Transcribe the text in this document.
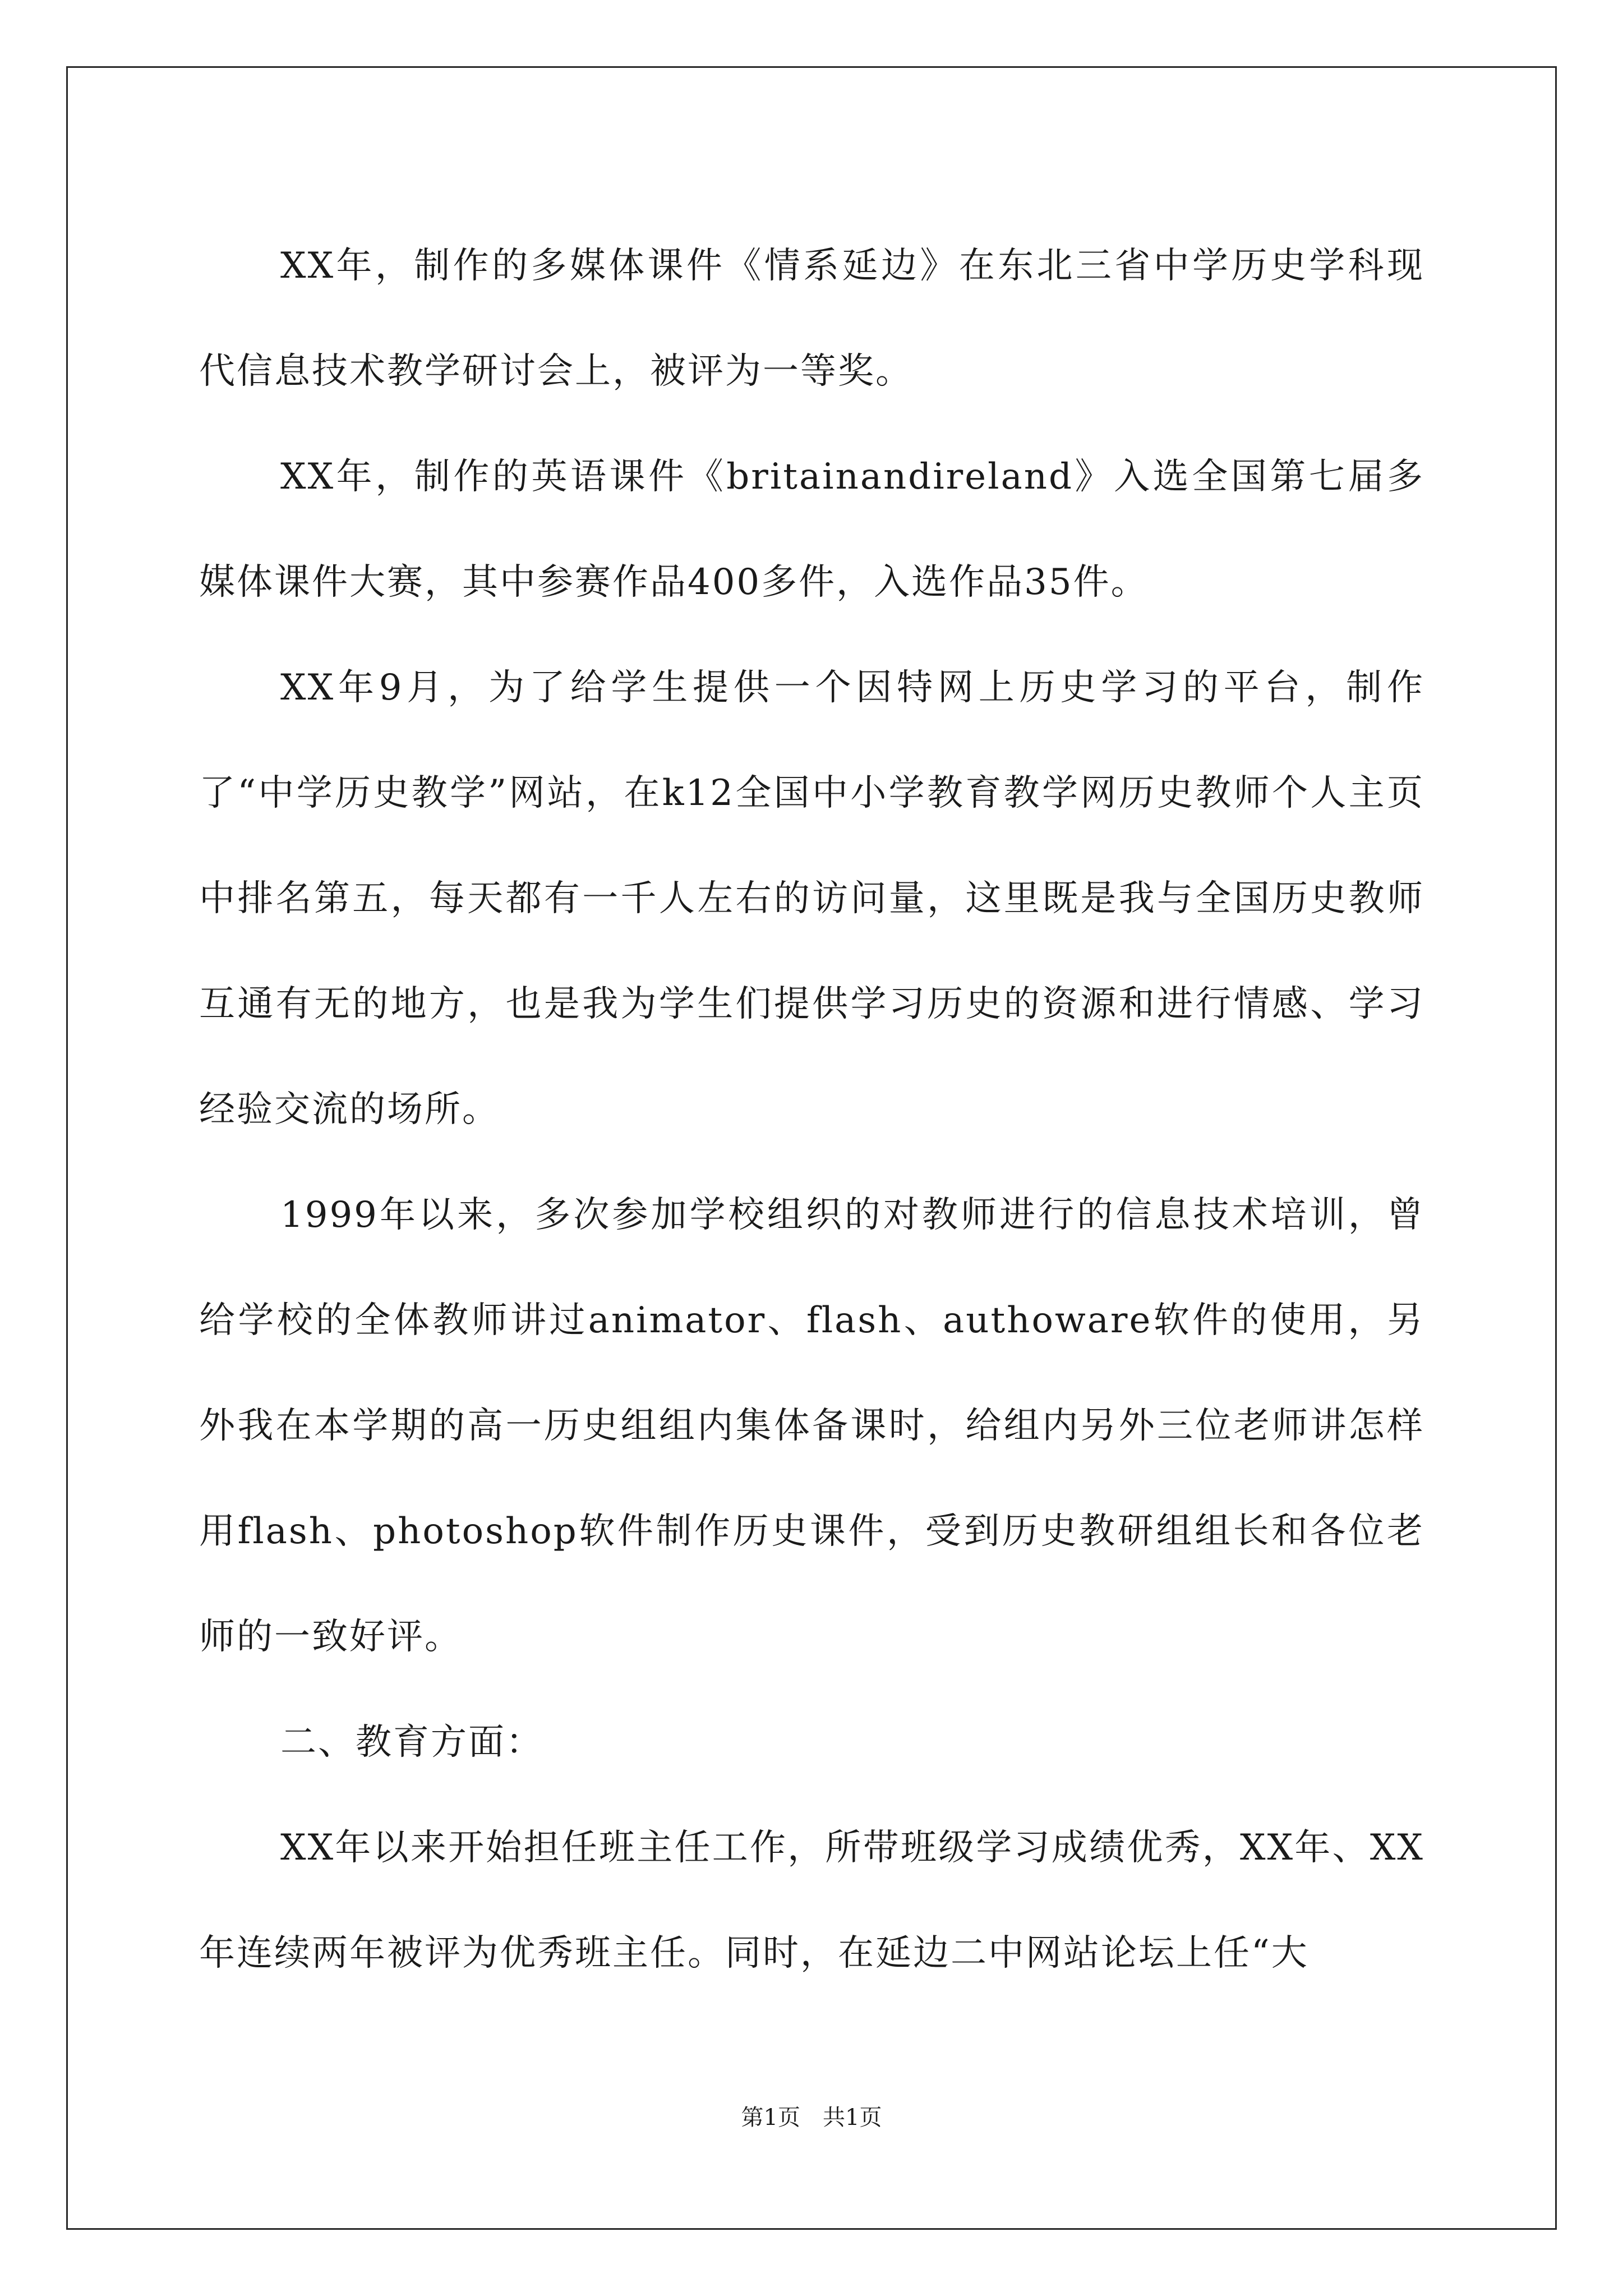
XX年，制作的多媒体课件《情系延边》在东北三省中学历史学科现代信息技术教学研讨会上，被评为一等奖。

XX年，制作的英语课件《britainandireland》入选全国第七届多媒体课件大赛，其中参赛作品400多件，入选作品35件。

XX年9月，为了给学生提供一个因特网上历史学习的平台，制作了“中学历史教学”网站，在k12全国中小学教育教学网历史教师个人主页中排名第五，每天都有一千人左右的访问量，这里既是我与全国历史教师互通有无的地方，也是我为学生们提供学习历史的资源和进行情感、学习经验交流的场所。

1999年以来，多次参加学校组织的对教师进行的信息技术培训，曾给学校的全体教师讲过animator、flash、authoware软件的使用，另外我在本学期的高一历史组组内集体备课时，给组内另外三位老师讲怎样用flash、photoshop软件制作历史课件，受到历史教研组组长和各位老师的一致好评。

二、教育方面：

XX年以来开始担任班主任工作，所带班级学习成绩优秀，XX年、XX年连续两年被评为优秀班主任。同时，在延边二中网站论坛上任“大

第1页 共1页
